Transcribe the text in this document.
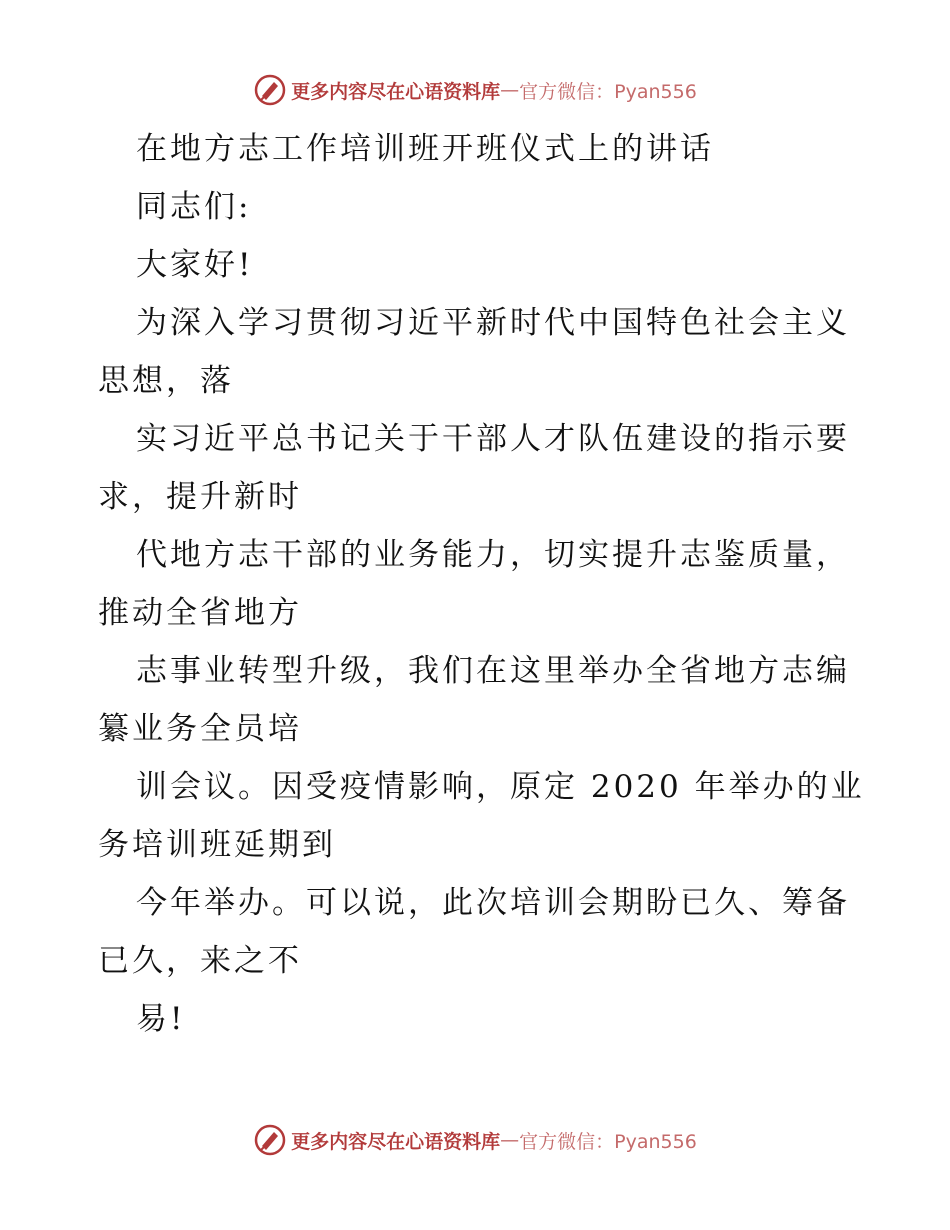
更多内容尽在心语资料库 — 官方微信：Pyan556
在地方志工作培训班开班仪式上的讲话
同志们:
大家好!
为深入学习贯彻习近平新时代中国特色社会主义
思想，落
实习近平总书记关于干部人才队伍建设的指示要
求，提升新时
代地方志干部的业务能力，切实提升志鉴质量，
推动全省地方
志事业转型升级，我们在这里举办全省地方志编
纂业务全员培
训会议。因受疫情影响，原定 2020 年举办的业
务培训班延期到
今年举办。可以说，此次培训会期盼已久、筹备
已久，来之不
易!
更多内容尽在心语资料库 — 官方微信：Pyan556
